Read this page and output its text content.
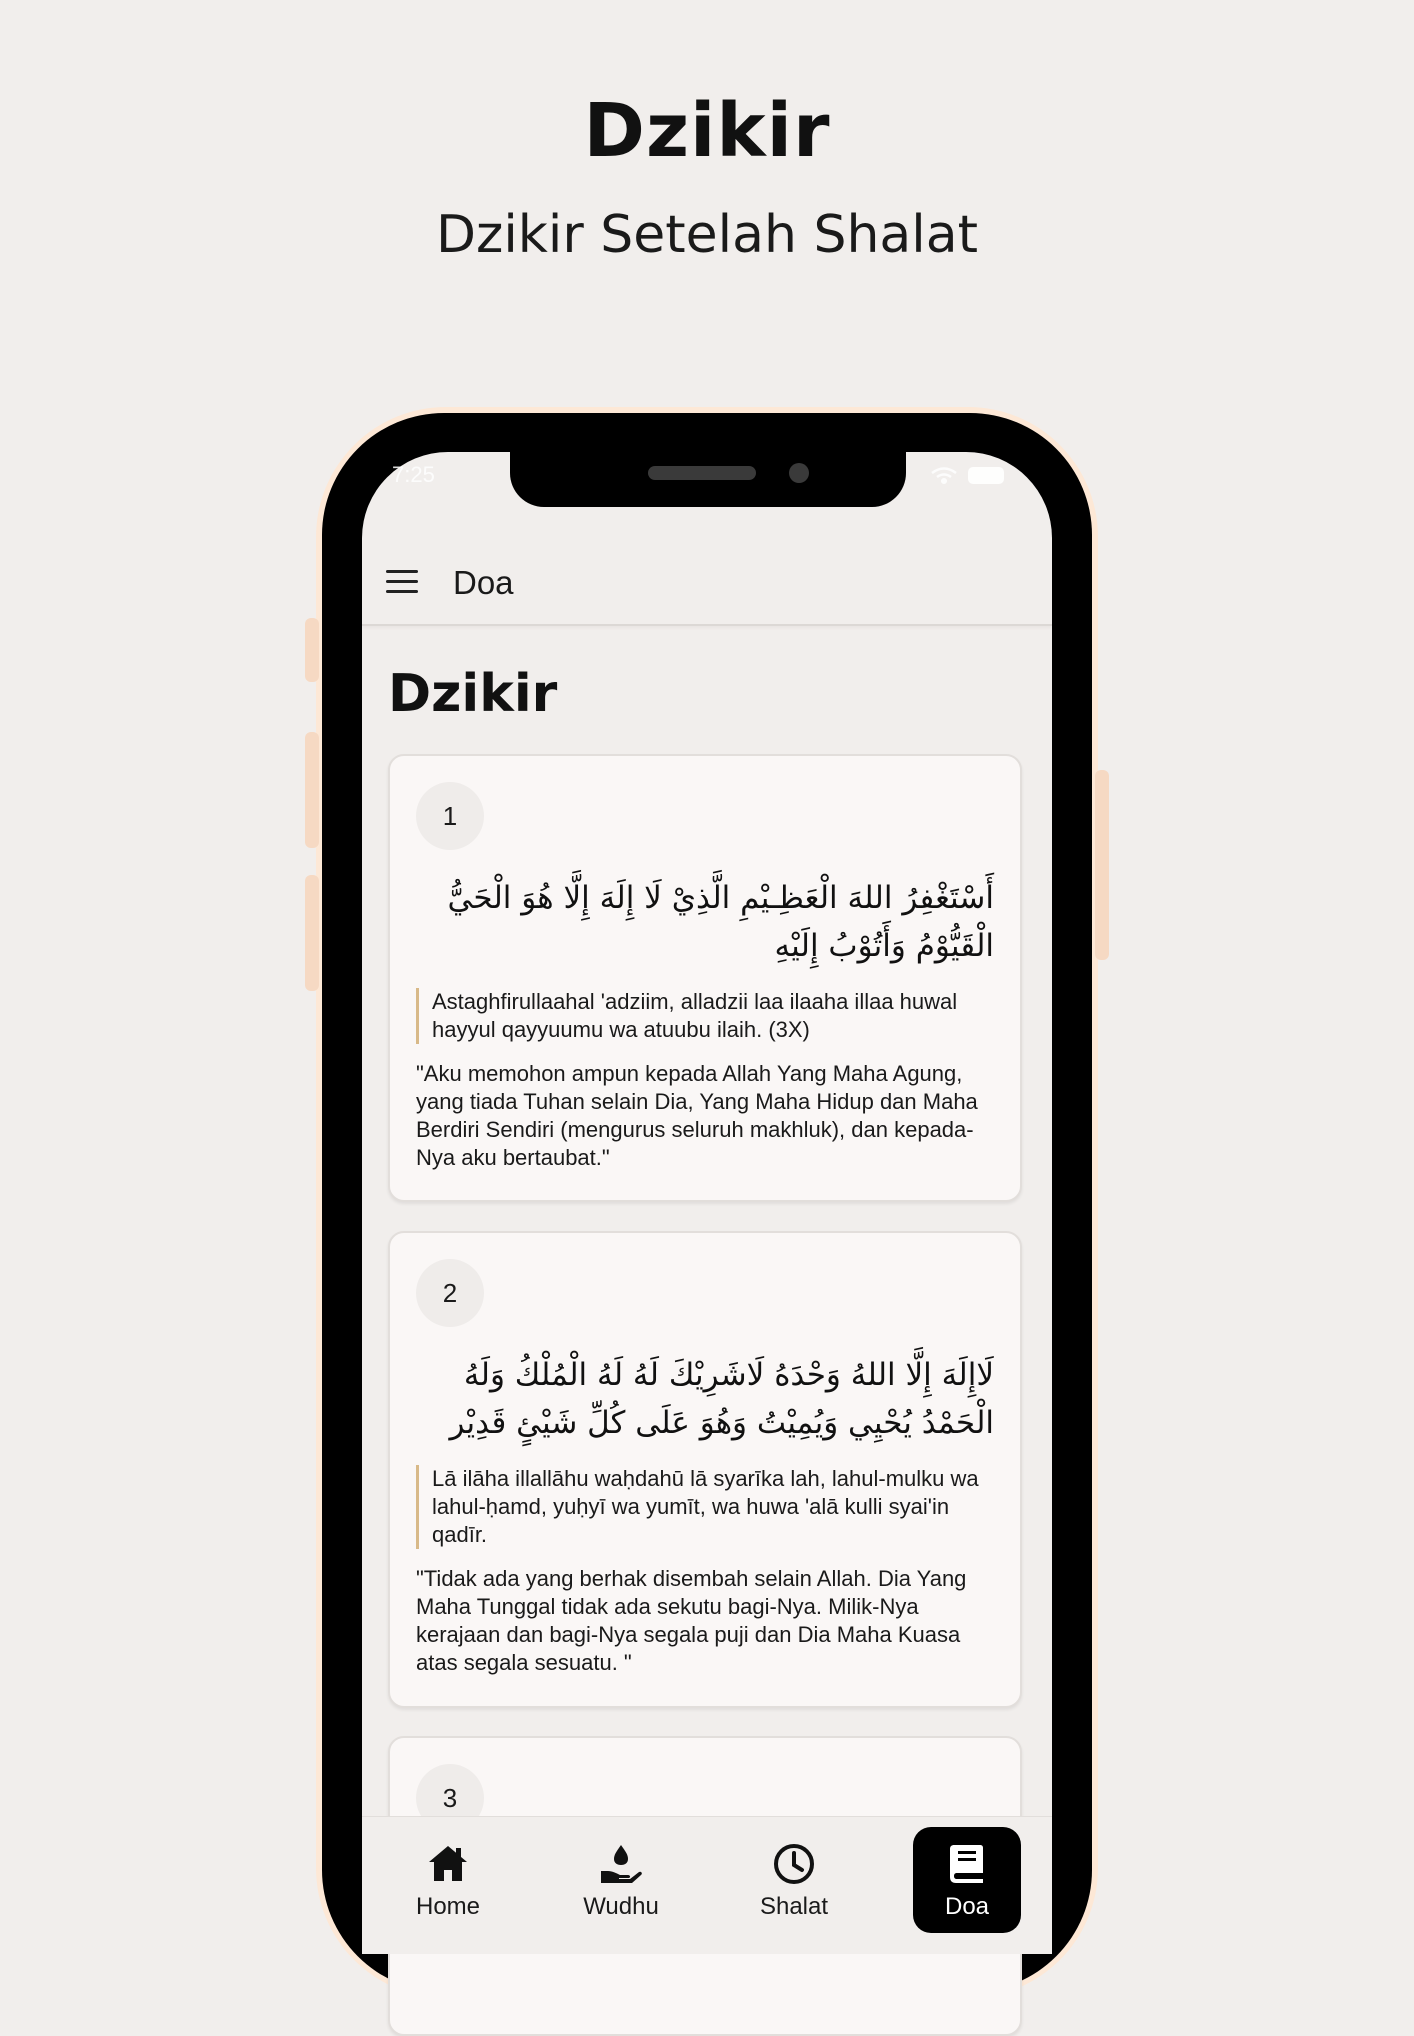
Dzikir
Dzikir Setelah Shalat
7:25
Doa
Dzikir
1
أَسْتَغْفِرُ اللهَ الْعَظِـيْمِ الَّذِيْ لَا إِلَهَ إِلَّا هُوَ الْحَيُّ الْقَيُّوْمُ وَأَتُوْبُ إِلَيْهِ
Astaghfirullaahal 'adziim, alladzii laa ilaaha illaa huwal hayyul qayyuumu wa atuubu ilaih. (3X)
"Aku memohon ampun kepada Allah Yang Maha Agung, yang tiada Tuhan selain Dia, Yang Maha Hidup dan Maha Berdiri Sendiri (mengurus seluruh makhluk), dan kepada-Nya aku bertaubat."
2
لَاإِلَهَ إِلَّا اللهُ وَحْدَهُ لَاشَرِيْكَ لَهُ لَهُ الْمُلْكُ وَلَهُ الْحَمْدُ يُحْيِي وَيُمِيْتُ وَهُوَ عَلَى كُلِّ شَيْئٍ قَدِيْر
Lā ilāha illallāhu waḥdahū lā syarīka lah, lahul-mulku wa lahul-ḥamd, yuḥyī wa yumīt, wa huwa 'alā kulli syai'in qadīr.
"Tidak ada yang berhak disembah selain Allah. Dia Yang Maha Tunggal tidak ada sekutu bagi-Nya. Milik-Nya kerajaan dan bagi-Nya segala puji dan Dia Maha Kuasa atas segala sesuatu. "
3
Home	Wudhu	Shalat	Doa
